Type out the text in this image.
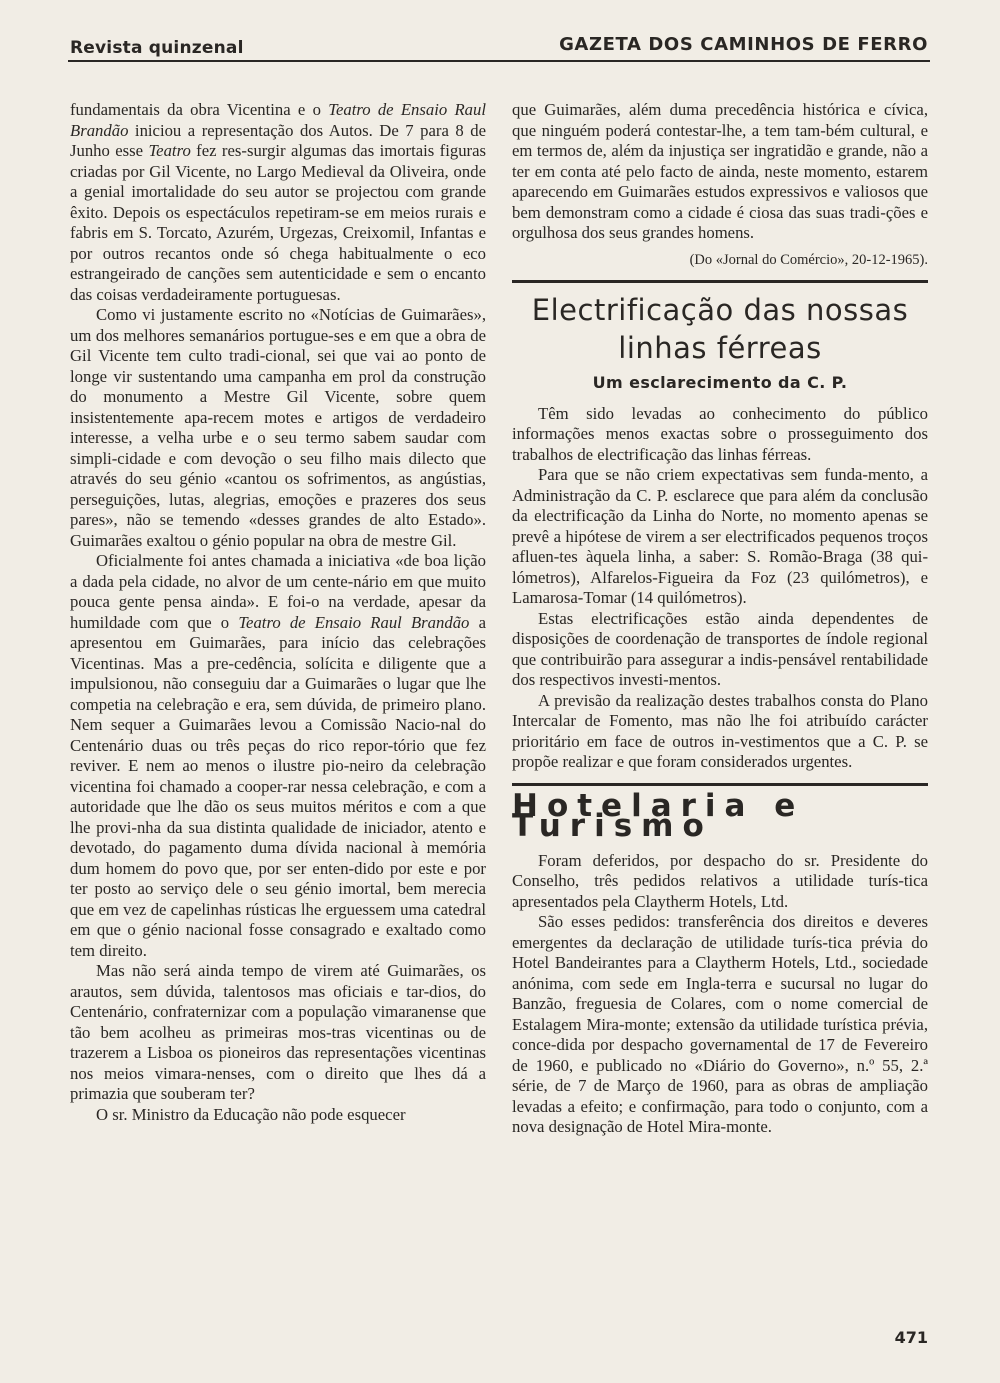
Revista quinzenal	GAZETA DOS CAMINHOS DE FERRO

fundamentais da obra Vicentina e o Teatro de Ensaio Raul Brandão iniciou a representação dos Autos. De 7 para 8 de Junho esse Teatro fez res-surgir algumas das imortais figuras criadas por Gil Vicente, no Largo Medieval da Oliveira, onde a genial imortalidade do seu autor se projectou com grande êxito. Depois os espectáculos repetiram-se em meios rurais e fabris em S. Torcato, Azurém, Urgezas, Creixomil, Infantas e por outros recantos onde só chega habitualmente o eco estrangeirado de canções sem autenticidade e sem o encanto das coisas verdadeiramente portuguesas.

Como vi justamente escrito no «Notícias de Guimarães», um dos melhores semanários portugue-ses e em que a obra de Gil Vicente tem culto tradi-cional, sei que vai ao ponto de longe vir sustentando uma campanha em prol da construção do monumento a Mestre Gil Vicente, sobre quem insistentemente apa-recem motes e artigos de verdadeiro interesse, a velha urbe e o seu termo sabem saudar com simpli-cidade e com devoção o seu filho mais dilecto que através do seu génio «cantou os sofrimentos, as angústias, perseguições, lutas, alegrias, emoções e prazeres dos seus pares», não se temendo «desses grandes de alto Estado». Guimarães exaltou o génio popular na obra de mestre Gil.

Oficialmente foi antes chamada a iniciativa «de boa lição a dada pela cidade, no alvor de um cente-nário em que muito pouca gente pensa ainda». E foi-o na verdade, apesar da humildade com que o Teatro de Ensaio Raul Brandão a apresentou em Guimarães, para início das celebrações Vicentinas. Mas a pre-cedência, solícita e diligente que a impulsionou, não conseguiu dar a Guimarães o lugar que lhe competia na celebração e era, sem dúvida, de primeiro plano. Nem sequer a Guimarães levou a Comissão Nacio-nal do Centenário duas ou três peças do rico repor-tório que fez reviver. E nem ao menos o ilustre pio-neiro da celebração vicentina foi chamado a cooper-rar nessa celebração, e com a autoridade que lhe dão os seus muitos méritos e com a que lhe provi-nha da sua distinta qualidade de iniciador, atento e devotado, do pagamento duma dívida nacional à memória dum homem do povo que, por ser enten-dido por este e por ter posto ao serviço dele o seu génio imortal, bem merecia que em vez de capelinhas rústicas lhe erguessem uma catedral em que o génio nacional fosse consagrado e exaltado como tem direito.

Mas não será ainda tempo de virem até Guimarães, os arautos, sem dúvida, talentosos mas oficiais e tar-dios, do Centenário, confraternizar com a população vimaranense que tão bem acolheu as primeiras mos-tras vicentinas ou de trazerem a Lisboa os pioneiros das representações vicentinas nos meios vimara-nenses, com o direito que lhes dá a primazia que souberam ter?

O sr. Ministro da Educação não pode esquecer

que Guimarães, além duma precedência histórica e cívica, que ninguém poderá contestar-lhe, a tem tam-bém cultural, e em termos de, além da injustiça ser ingratidão e grande, não a ter em conta até pelo facto de ainda, neste momento, estarem aparecendo em Guimarães estudos expressivos e valiosos que bem demonstram como a cidade é ciosa das suas tradi-ções e orgulhosa dos seus grandes homens.

(Do «Jornal do Comércio», 20-12-1965).

Electrificação das nossas
linhas férreas
Um esclarecimento da C. P.

Têm sido levadas ao conhecimento do público informações menos exactas sobre o prosseguimento dos trabalhos de electrificação das linhas férreas.

Para que se não criem expectativas sem funda-mento, a Administração da C. P. esclarece que para além da conclusão da electrificação da Linha do Norte, no momento apenas se prevê a hipótese de virem a ser electrificados pequenos troços afluen-tes àquela linha, a saber: S. Romão-Braga (38 qui-lómetros), Alfarelos-Figueira da Foz (23 quilómetros), e Lamarosa-Tomar (14 quilómetros).

Estas electrificações estão ainda dependentes de disposições de coordenação de transportes de índole regional que contribuirão para assegurar a indis-pensável rentabilidade dos respectivos investi-mentos.

A previsão da realização destes trabalhos consta do Plano Intercalar de Fomento, mas não lhe foi atribuído carácter prioritário em face de outros in-vestimentos que a C. P. se propõe realizar e que foram considerados urgentes.

Hotelaria e Turismo

Foram deferidos, por despacho do sr. Presidente do Conselho, três pedidos relativos a utilidade turís-tica apresentados pela Claytherm Hotels, Ltd.

São esses pedidos: transferência dos direitos e deveres emergentes da declaração de utilidade turís-tica prévia do Hotel Bandeirantes para a Claytherm Hotels, Ltd., sociedade anónima, com sede em Ingla-terra e sucursal no lugar do Banzão, freguesia de Colares, com o nome comercial de Estalagem Mira-monte; extensão da utilidade turística prévia, conce-dida por despacho governamental de 17 de Fevereiro de 1960, e publicado no «Diário do Governo», n.º 55, 2.ª série, de 7 de Março de 1960, para as obras de ampliação levadas a efeito; e confirmação, para todo o conjunto, com a nova designação de Hotel Mira-monte.

471
